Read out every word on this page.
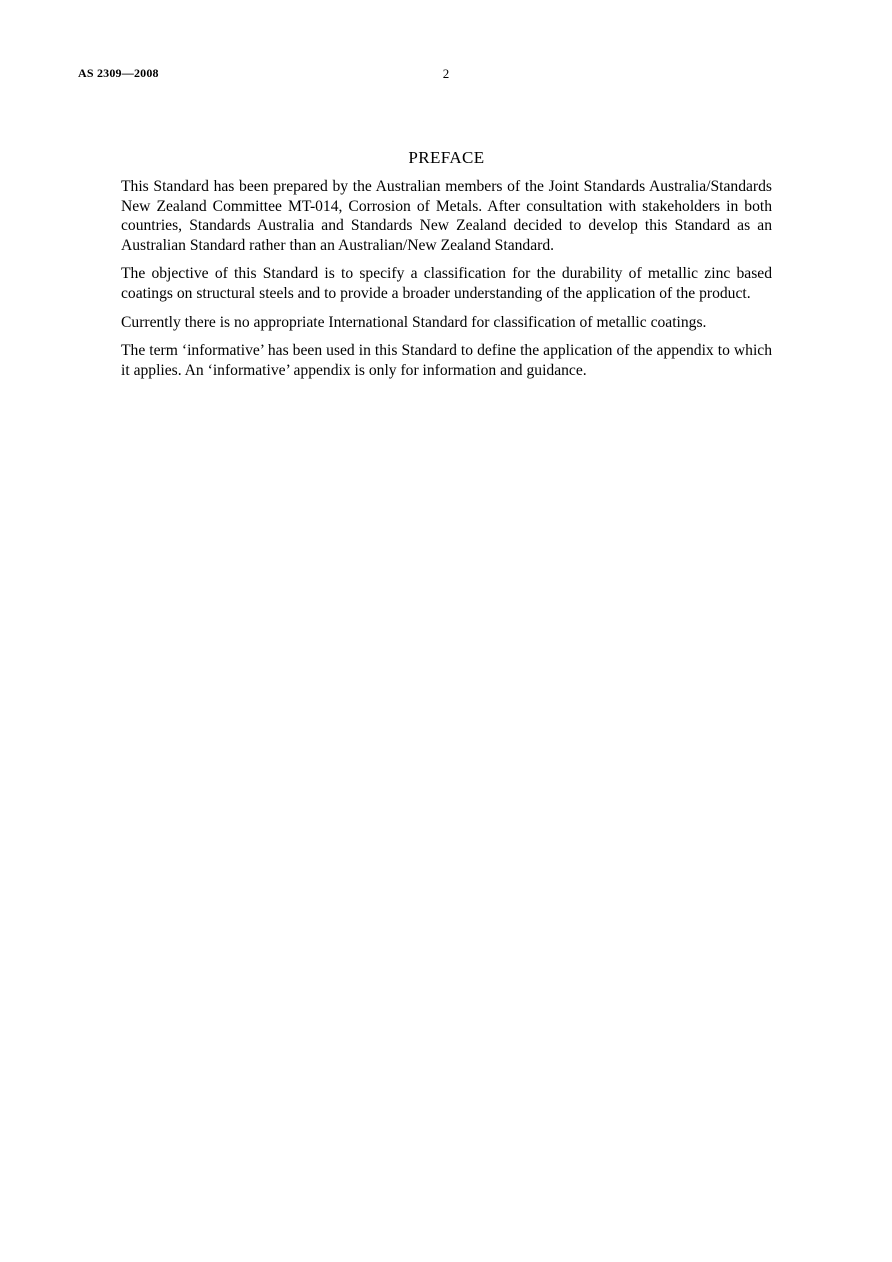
AS 2309—2008	2
PREFACE

This Standard has been prepared by the Australian members of the Joint Standards Australia/Standards New Zealand Committee MT-014, Corrosion of Metals. After consultation with stakeholders in both countries, Standards Australia and Standards New Zealand decided to develop this Standard as an Australian Standard rather than an Australian/New Zealand Standard.

The objective of this Standard is to specify a classification for the durability of metallic zinc based coatings on structural steels and to provide a broader understanding of the application of the product.

Currently there is no appropriate International Standard for classification of metallic coatings.

The term ‘informative’ has been used in this Standard to define the application of the appendix to which it applies. An ‘informative’ appendix is only for information and guidance.
